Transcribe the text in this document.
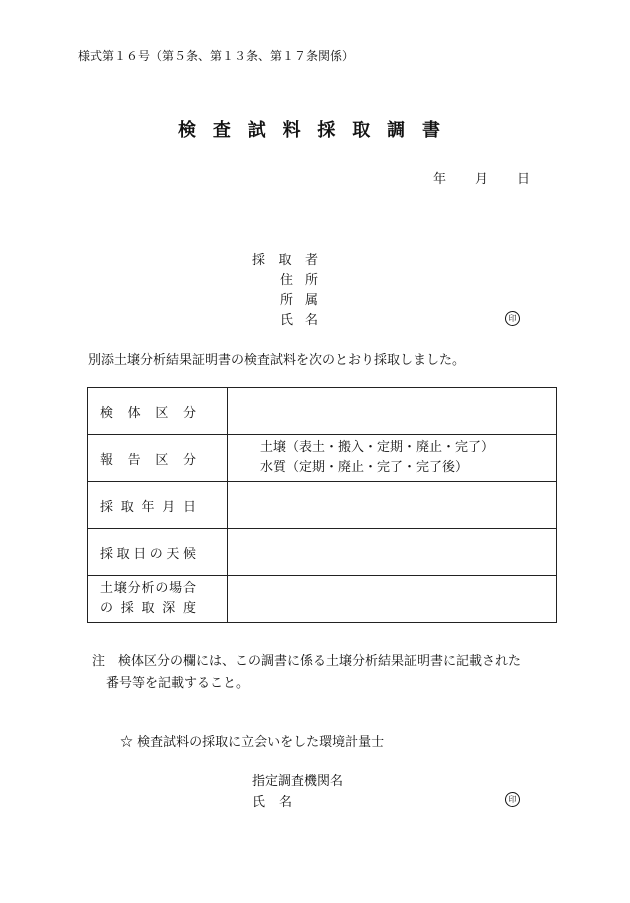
様式第１６号（第５条、第１３条、第１７条関係）
検査試料採取調書
年 月 日
採取者
住所
所属
氏名	印
別添土壌分析結果証明書の検査試料を次のとおり採取しました。
検体区分	

報告区分	土壌（表土・搬入・定期・廃止・完了）
水質（定期・廃止・完了・完了後）

採取年月日	

採取日の天候	

土壌分析の場合
の採取深度	

注　 検体区分の欄には、この調書に係る土壌分析結果証明書に記載された
番号等を記載すること。
☆ 検査試料の採取に立会いをした環境計量士
指定調査機関名
氏名	印
